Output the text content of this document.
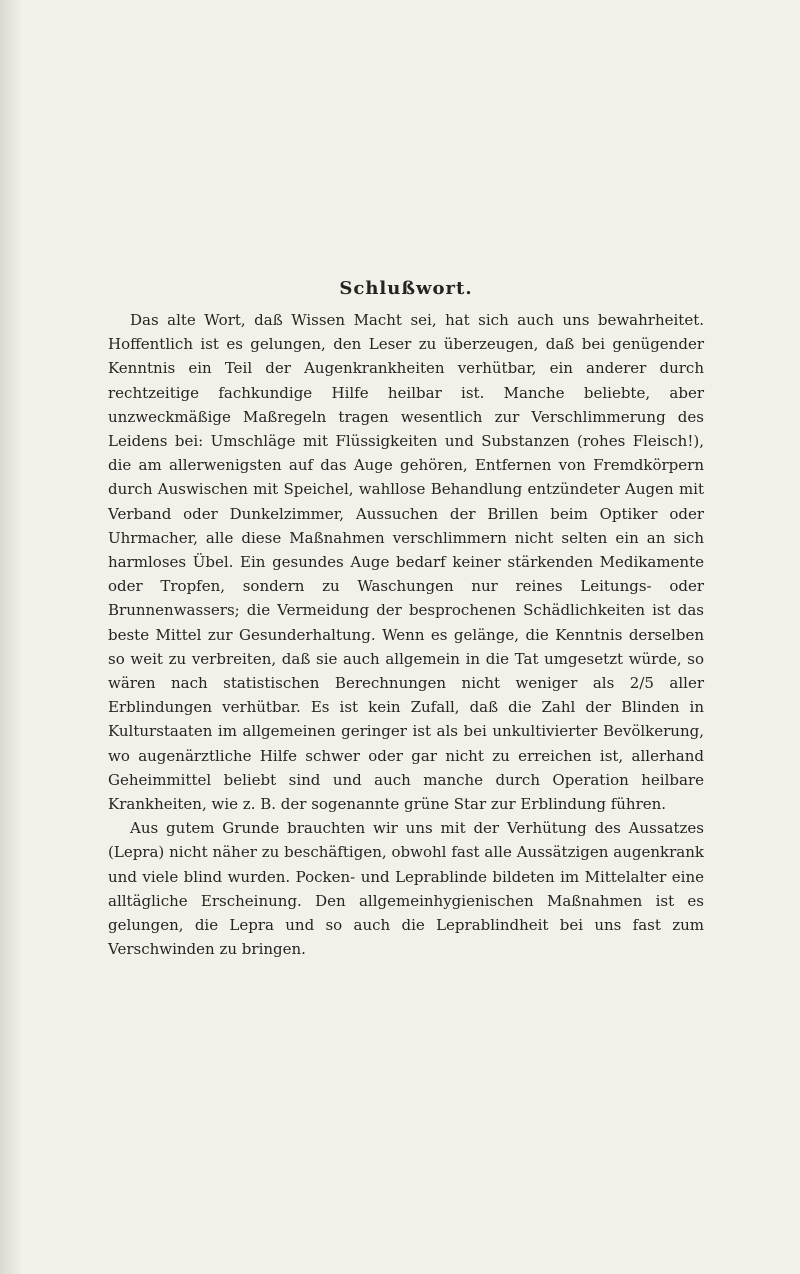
Schlußwort.

Das alte Wort, daß Wissen Macht sei, hat sich auch uns bewahrheitet. Hoffentlich ist es gelungen, den Leser zu überzeugen, daß bei genügender Kenntnis ein Teil der Augenkrankheiten verhütbar, ein anderer durch rechtzeitige fachkundige Hilfe heilbar ist. Manche beliebte, aber unzweckmäßige Maßregeln tragen wesentlich zur Verschlimmerung des Leidens bei: Umschläge mit Flüssigkeiten und Substanzen (rohes Fleisch!), die am allerwenigsten auf das Auge gehören, Entfernen von Fremdkörpern durch Auswischen mit Speichel, wahllose Behandlung entzündeter Augen mit Verband oder Dunkelzimmer, Aussuchen der Brillen beim Optiker oder Uhrmacher, alle diese Maßnahmen verschlimmern nicht selten ein an sich harmloses Übel. Ein gesundes Auge bedarf keiner stärkenden Medikamente oder Tropfen, sondern zu Waschungen nur reines Leitungs- oder Brunnenwassers; die Vermeidung der besprochenen Schädlichkeiten ist das beste Mittel zur Gesunderhaltung. Wenn es gelänge, die Kenntnis derselben so weit zu verbreiten, daß sie auch allgemein in die Tat umgesetzt würde, so wären nach statistischen Berechnungen nicht weniger als 2/5 aller Erblindungen verhütbar. Es ist kein Zufall, daß die Zahl der Blinden in Kulturstaaten im allgemeinen geringer ist als bei unkultivierter Bevölkerung, wo augenärztliche Hilfe schwer oder gar nicht zu erreichen ist, allerhand Geheimmittel beliebt sind und auch manche durch Operation heilbare Krankheiten, wie z. B. der sogenannte grüne Star zur Erblindung führen.

Aus gutem Grunde brauchten wir uns mit der Verhütung des Aussatzes (Lepra) nicht näher zu beschäftigen, obwohl fast alle Aussätzigen augenkrank und viele blind wurden. Pocken- und Leprablinde bildeten im Mittelalter eine alltägliche Erscheinung. Den allgemeinhygienischen Maßnahmen ist es gelungen, die Lepra und so auch die Leprablindheit bei uns fast zum Verschwinden zu bringen.
